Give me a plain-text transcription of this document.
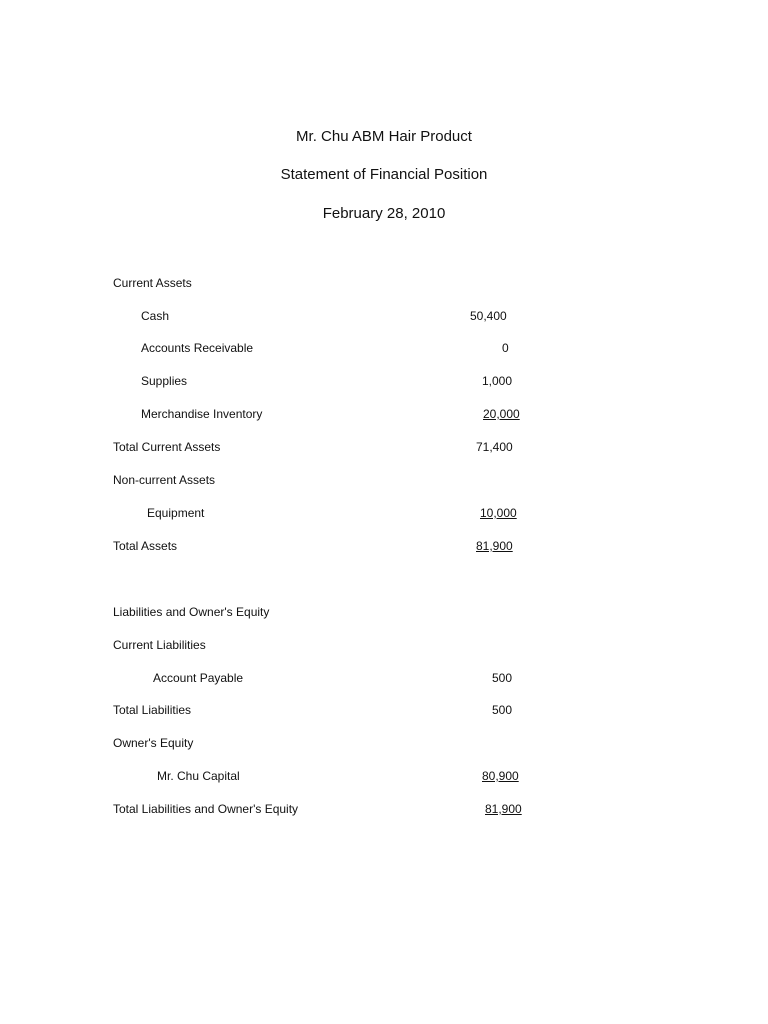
Mr. Chu ABM Hair Product
Statement of Financial Position
February 28, 2010
Current Assets
Cash	50,400
Accounts Receivable	0
Supplies	1,000
Merchandise Inventory	20,000
Total Current Assets	71,400
Non-current Assets
Equipment	10,000
Total Assets	81,900
Liabilities and Owner's Equity
Current Liabilities
Account Payable	500
Total Liabilities	500
Owner's Equity
Mr. Chu Capital	80,900
Total Liabilities and Owner's Equity	81,900
